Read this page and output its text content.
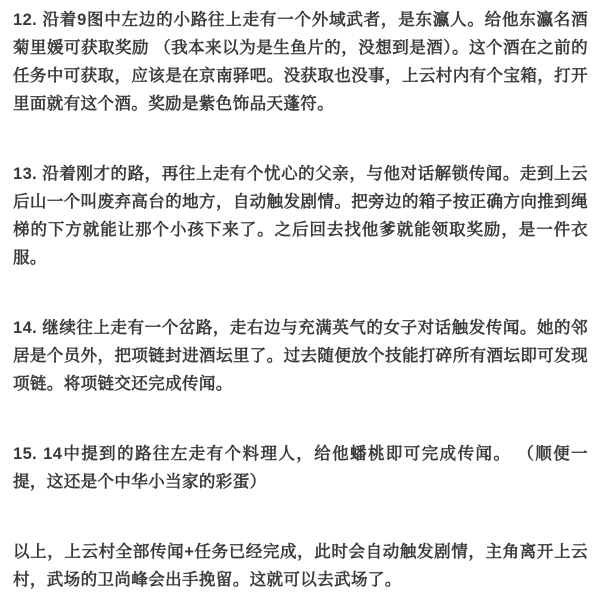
12. 沿着9图中左边的小路往上走有一个外域武者，是东瀛人。给他东瀛名酒菊里媛可获取奖励 （我本来以为是生鱼片的，没想到是酒）。这个酒在之前的任务中可获取，应该是在京南驿吧。没获取也没事，上云村内有个宝箱，打开里面就有这个酒。奖励是紫色饰品天蓬符。

13. 沿着刚才的路，再往上走有个忧心的父亲，与他对话解锁传闻。走到上云后山一个叫废弃高台的地方，自动触发剧情。把旁边的箱子按正确方向推到绳梯的下方就能让那个小孩下来了。之后回去找他爹就能领取奖励，是一件衣服。

14. 继续往上走有一个岔路，走右边与充满英气的女子对话触发传闻。她的邻居是个员外，把项链封进酒坛里了。过去随便放个技能打碎所有酒坛即可发现项链。将项链交还完成传闻。

15. 14中提到的路往左走有个料理人，给他蟠桃即可完成传闻。 （顺便一提，这还是个中华小当家的彩蛋）

以上，上云村全部传闻+任务已经完成，此时会自动触发剧情，主角离开上云村，武场的卫尚峰会出手挽留。这就可以去武场了。
